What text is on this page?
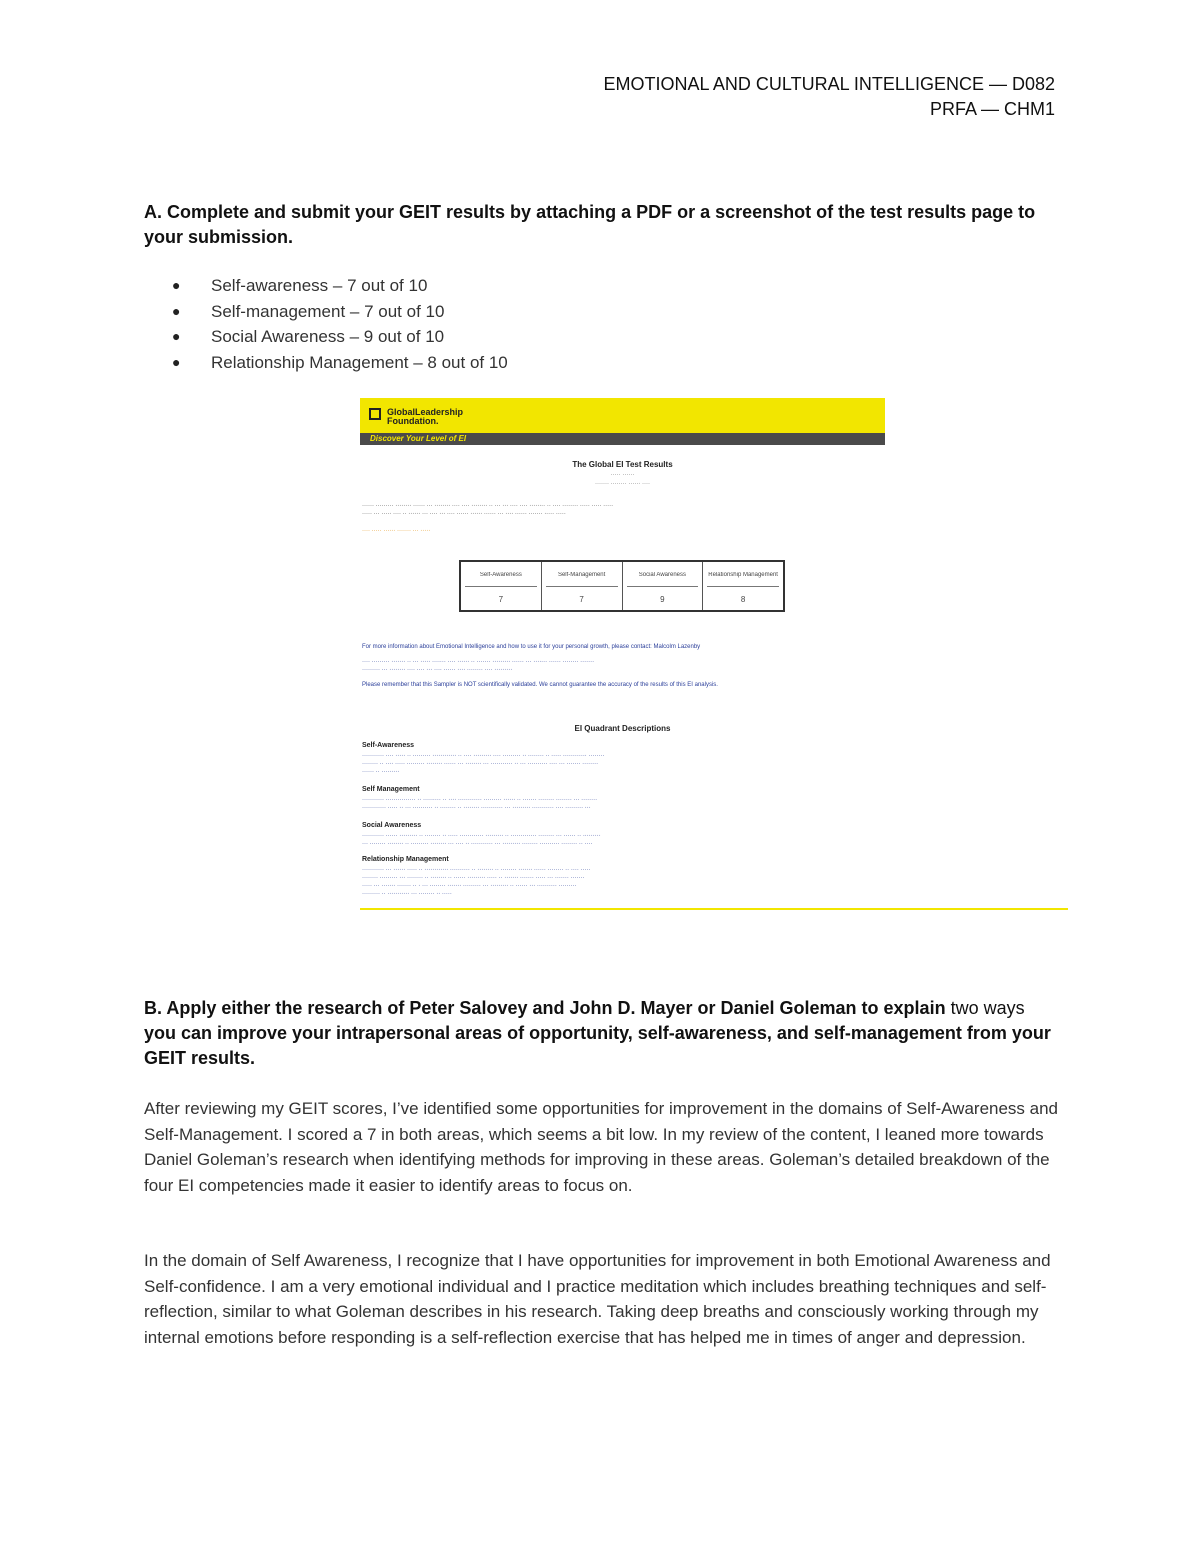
EMOTIONAL AND CULTURAL INTELLIGENCE — D082
PRFA — CHM1
A. Complete and submit your GEIT results by attaching a PDF or a screenshot of the test results page to your submission.
● Self-awareness – 7 out of 10
● Self-management – 7 out of 10
● Social Awareness – 9 out of 10
● Relationship Management – 8 out of 10
GlobalLeadership
Foundation.
Discover Your Level of EI
The Global EI Test Results
····· ······
······· ········ ······ ····
······ ········· ········ ······ ··· ········ ···· ···· ········ ·· ··· ··· ···· ···· ········ ·· ···· ········ ····· ····· ·····
····· ··· ····· ···· ·· ······ ··· ···· ··· ···· ······ ······ ······ ··· ···· ······ ······· ····· ·····
···· ····· ······ ······· ··· ·····
Self-Awareness
7
Self-Management
7
Social Awareness
9
Relationship Management
8
For more information about Emotional Intelligence and how to use it for your personal growth, please contact: Malcolm Lazenby
···· ········· ······· ·· ··· ····· ······· ···· ······ ·· ······· ········· ······ ··· ······· ······ ········ ·······
········· ··· ········ ···· ···· ··· ···· ······ ···· ········ ···· ·········
Please remember that this Sampler is NOT scientifically validated. We cannot guarantee the accuracy of the results of this EI analysis.
EI Quadrant Descriptions
Self-Awareness
··········· ···· ····· ·· ········· ············ ·· ···· ········· ···· ········· ·· ········ ·· ····· ············ ········
········ ·· ···· ····· ········· ········ ······ ··· ········ ··· ··········· ·· ··· ·········· ···· ··· ······· ········
······ ·· ·········
Self Management
··········· ··············· ·· ········· ·· ···· ············ ········· ······ ·· ······· ········ ········ ··· ········
············ ····· ·· ··· ·········· ·· ········ ·· ········ ··········· ··· ········· ··········· ···· ········· ···
Social Awareness
··········· ······ ········· ·· ········ ·· ····· ············ ········· ·· ············· ········ ··· ······ ·· ·········
··· ········ ········ ·· ········· ········ ··· ···· ·· ··········· ··· ········· ········ ·········· ········ ·· ····
Relationship Management
··········· ··· ······ ····· ·· ············ ·········· ·· ········ ·· ········ ······· ······ ········ ·· ···· ·····
········ ········· ··· ········ ·· ········ ·· ······ ········· ····· ·· ······· ······· ····· ··· ······· ·······
····· ··· ······· ······· ·· · ··· ········ ······· ········· ··· ········· ·· ······ ··· ·········· ·········
········· ·· ··········· ··· ········ ·· ·····
B. Apply either the research of Peter Salovey and John D. Mayer or Daniel Goleman to explain two ways you can improve your intrapersonal areas of opportunity, self-awareness, and self-management from your GEIT results.

After reviewing my GEIT scores, I’ve identified some opportunities for improvement in the domains of Self-Awareness and Self-Management. I scored a 7 in both areas, which seems a bit low. In my review of the content, I leaned more towards Daniel Goleman’s research when identifying methods for improving in these areas. Goleman’s detailed breakdown of the four EI competencies made it easier to identify areas to focus on.

In the domain of Self Awareness, I recognize that I have opportunities for improvement in both Emotional Awareness and Self-confidence. I am a very emotional individual and I practice meditation which includes breathing techniques and self-reflection, similar to what Goleman describes in his research. Taking deep breaths and consciously working through my internal emotions before responding is a self-reflection exercise that has helped me in times of anger and depression.
